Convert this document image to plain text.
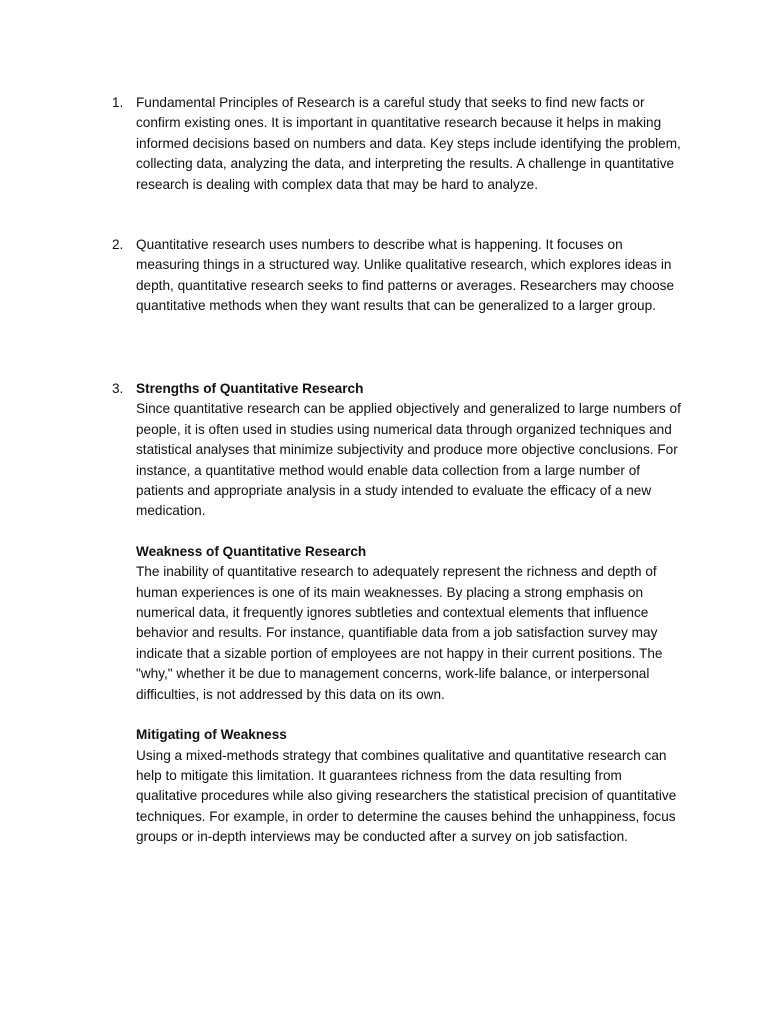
1. Fundamental Principles of Research is a careful study that seeks to find new facts or confirm existing ones. It is important in quantitative research because it helps in making informed decisions based on numbers and data. Key steps include identifying the problem, collecting data, analyzing the data, and interpreting the results. A challenge in quantitative research is dealing with complex data that may be hard to analyze.

2. Quantitative research uses numbers to describe what is happening. It focuses on measuring things in a structured way. Unlike qualitative research, which explores ideas in depth, quantitative research seeks to find patterns or averages. Researchers may choose quantitative methods when they want results that can be generalized to a larger group.

3. Strengths of Quantitative Research

Since quantitative research can be applied objectively and generalized to large numbers of people, it is often used in studies using numerical data through organized techniques and statistical analyses that minimize subjectivity and produce more objective conclusions. For instance, a quantitative method would enable data collection from a large number of patients and appropriate analysis in a study intended to evaluate the efficacy of a new medication.

Weakness of Quantitative Research

The inability of quantitative research to adequately represent the richness and depth of human experiences is one of its main weaknesses. By placing a strong emphasis on numerical data, it frequently ignores subtleties and contextual elements that influence behavior and results. For instance, quantifiable data from a job satisfaction survey may indicate that a sizable portion of employees are not happy in their current positions. The "why," whether it be due to management concerns, work-life balance, or interpersonal difficulties, is not addressed by this data on its own.

Mitigating of Weakness

Using a mixed-methods strategy that combines qualitative and quantitative research can help to mitigate this limitation. It guarantees richness from the data resulting from qualitative procedures while also giving researchers the statistical precision of quantitative techniques. For example, in order to determine the causes behind the unhappiness, focus groups or in-depth interviews may be conducted after a survey on job satisfaction.
